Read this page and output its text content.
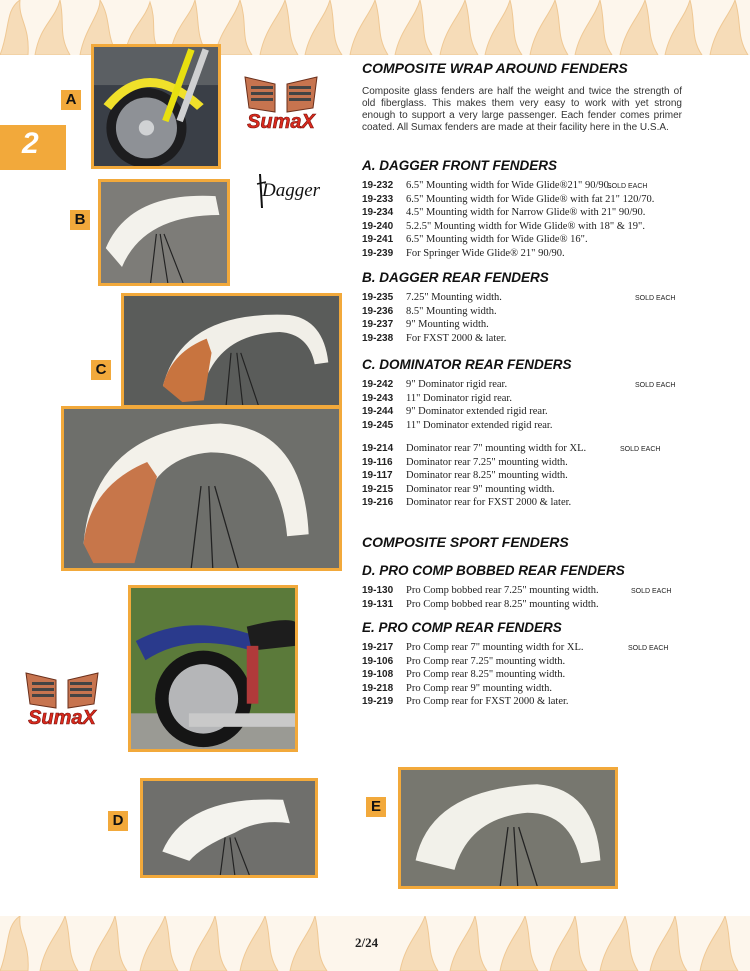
2
A
SumaX
Dagger
B
C
SumaX
D
E
COMPOSITE WRAP AROUND FENDERS
Composite glass fenders are half the weight and twice the strength of old fiberglass. This makes them very easy to work with yet strong enough to support a very large passenger. Each fender comes primer coated. All Sumax fenders are made at their facility here in the U.S.A.
A. DAGGER FRONT FENDERS
19-232 6.5" Mounting width for Wide Glide®21" 90/90.
SOLD EACH
19-233 6.5" Mounting width for Wide Glide® with fat 21" 120/70.
19-234 4.5" Mounting width for Narrow Glide® with 21" 90/90.
19-240 5.2.5" Mounting width for Wide Glide® with 18" & 19".
19-241 6.5" Mounting width for Wide Glide® 16".
19-239 For Springer Wide Glide® 21" 90/90.
B. DAGGER REAR FENDERS
19-235 7.25" Mounting width.	SOLD EACH
19-236 8.5" Mounting width.
19-237 9" Mounting width.
19-238 For FXST 2000 & later.
C. DOMINATOR REAR FENDERS
19-242 9" Dominator rigid rear.	SOLD EACH
19-243 11" Dominator rigid rear.
19-244 9" Dominator extended rigid rear.
19-245 11" Dominator extended rigid rear.
19-214 Dominator rear 7" mounting width for XL.	SOLD EACH
19-116 Dominator rear 7.25" mounting width.
19-117 Dominator rear 8.25" mounting width.
19-215 Dominator rear 9" mounting width.
19-216 Dominator rear for FXST 2000 & later.
COMPOSITE SPORT FENDERS
D. PRO COMP BOBBED REAR FENDERS
19-130 Pro Comp bobbed rear 7.25" mounting width.	SOLD EACH
19-131 Pro Comp bobbed rear 8.25" mounting width.
E. PRO COMP REAR FENDERS
19-217 Pro Comp rear 7" mounting width for XL.	SOLD EACH
19-106 Pro Comp rear 7.25" mounting width.
19-108 Pro Comp rear 8.25" mounting width.
19-218 Pro Comp rear 9" mounting width.
19-219 Pro Comp rear for FXST 2000 & later.
2/24
